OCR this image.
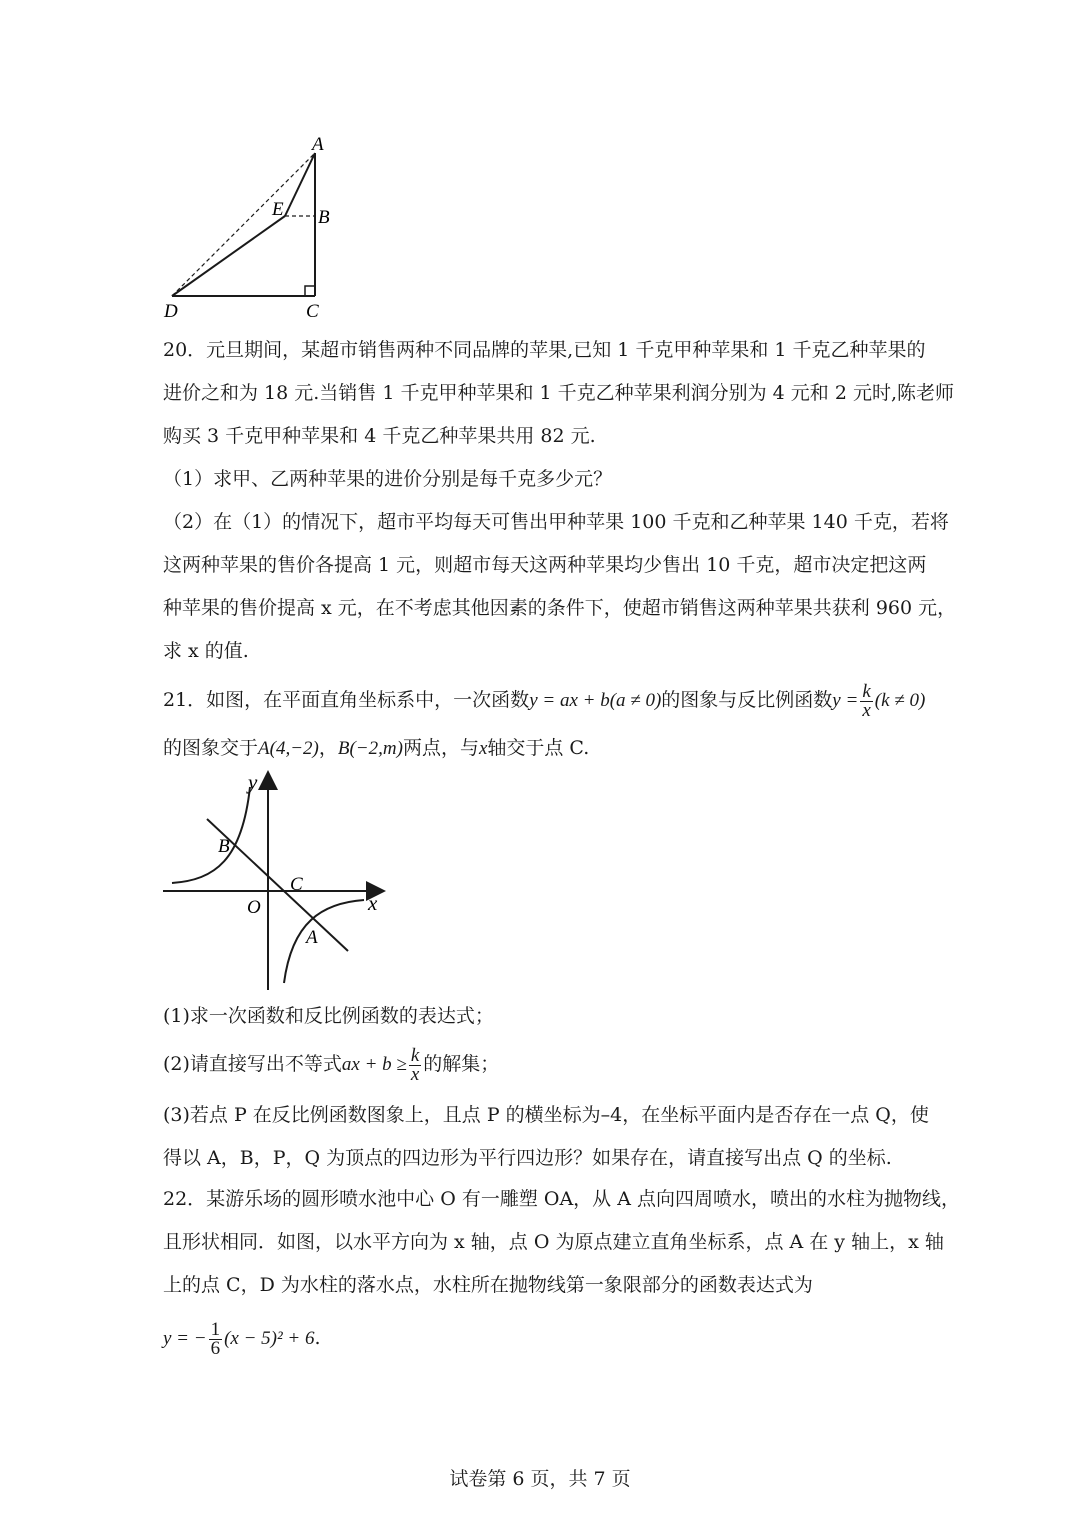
A
B
E
D	C
20．元旦期间，某超市销售两种不同品牌的苹果,已知 1 千克甲种苹果和 1 千克乙种苹果的
进价之和为 18 元.当销售 1 千克甲种苹果和 1 千克乙种苹果利润分别为 4 元和 2 元时,陈老师
购买 3 千克甲种苹果和 4 千克乙种苹果共用 82 元.
（1）求甲、乙两种苹果的进价分别是每千克多少元？
（2）在（1）的情况下，超市平均每天可售出甲种苹果 100 千克和乙种苹果 140 千克，若将
这两种苹果的售价各提高 1 元，则超市每天这两种苹果均少售出 10 千克，超市决定把这两
种苹果的售价提高 x 元，在不考虑其他因素的条件下，使超市销售这两种苹果共获利 960 元，
求 x 的值.
21．如图，在平面直角坐标系中，一次函数y = ax + b(a ≠ 0)的图象与反比例函数$y = \frac{k}{x} (k \ne 0)$
的图象交于A(4,−2)，B(−2,m)两点，与x轴交于点 C.
y
x
O
B
C
A
(1)求一次函数和反比例函数的表达式；
(2)请直接写出不等式ax + $b \ge \frac{k}{x}$ 的解集；
(3)若点 P 在反比例函数图象上，且点 P 的横坐标为–4，在坐标平面内是否存在一点 Q，使
得以 A，B，P，Q 为顶点的四边形为平行四边形？如果存在，请直接写出点 Q 的坐标.
22．某游乐场的圆形喷水池中心 O 有一雕塑 OA，从 A 点向四周喷水，喷出的水柱为抛物线，
且形状相同．如图，以水平方向为 x 轴，点 O 为原点建立直角坐标系，点 A 在 y 轴上，x 轴
上的点 C，D 为水柱的落水点，水柱所在抛物线第一象限部分的函数表达式为
y = − $\frac{1}{6} (x - 5)^2 + 6$.
试卷第 6 页，共 7 页
